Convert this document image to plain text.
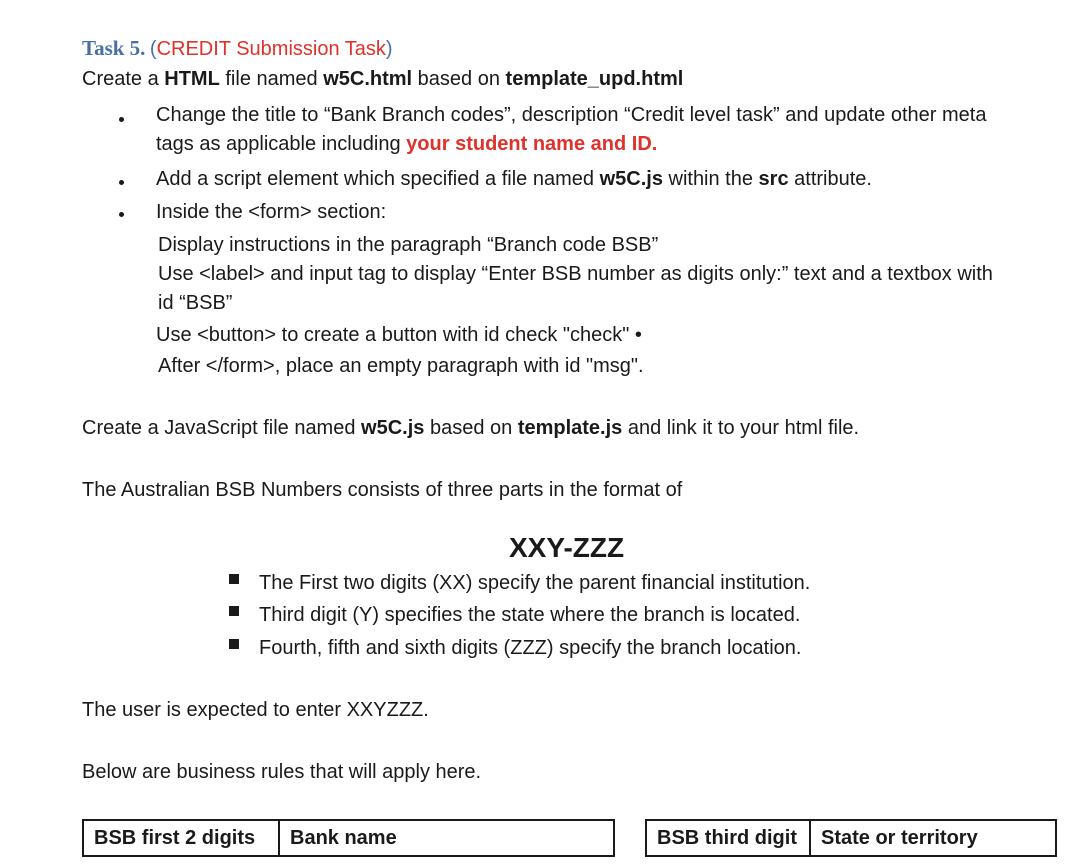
Task 5. (CREDIT Submission Task)
Create a HTML file named w5C.html based on template_upd.html
Change the title to “Bank Branch codes”, description “Credit level task” and update other meta
tags as applicable including your student name and ID.
Add a script element which specified a file named w5C.js within the src attribute.
Inside the <form> section:
Display instructions in the paragraph “Branch code BSB”
Use <label> and input tag to display “Enter BSB number as digits only:” text and a textbox with
id “BSB”
Use <button> to create a button with id check "check" •
After </form>, place an empty paragraph with id "msg".
Create a JavaScript file named w5C.js based on template.js and link it to your html file.
The Australian BSB Numbers consists of three parts in the format of
XXY-ZZZ
The First two digits (XX) specify the parent financial institution.
Third digit (Y) specifies the state where the branch is located.
Fourth, fifth and sixth digits (ZZZ) specify the branch location.
The user is expected to enter XXYZZZ.
Below are business rules that will apply here.
BSB first 2 digits	Bank name	BSB third digit	State or territory
